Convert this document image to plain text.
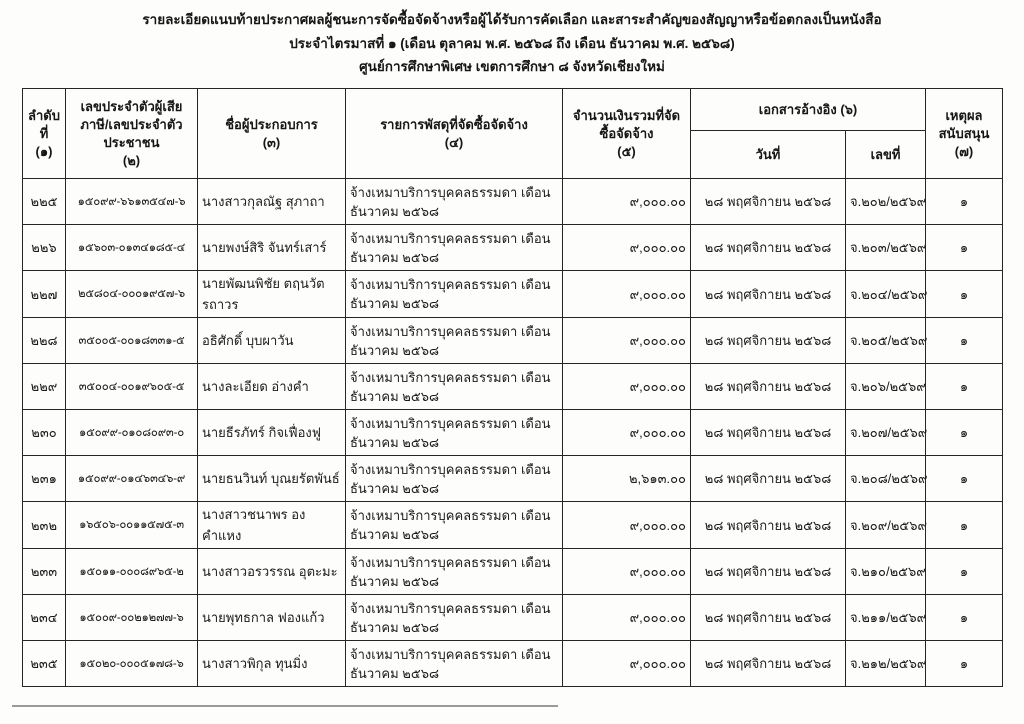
รายละเอียดแนบท้ายประกาศผลผู้ชนะการจัดซื้อจัดจ้างหรือผู้ได้รับการคัดเลือก และสาระสำคัญของสัญญาหรือข้อตกลงเป็นหนังสือ
ประจำไตรมาสที่ ๑ (เดือน ตุลาคม พ.ศ. ๒๕๖๘ ถึง เดือน ธันวาคม พ.ศ. ๒๕๖๘)
ศูนย์การศึกษาพิเศษ เขตการศึกษา ๘ จังหวัดเชียงใหม่
ลำดับที่
(๑)	เลขประจำตัวผู้เสียภาษี/เลขประจำตัวประชาชน
(๒)	ชื่อผู้ประกอบการ
(๓)	รายการพัสดุที่จัดซื้อจัดจ้าง
(๔)	จำนวนเงินรวมที่จัดซื้อจัดจ้าง
(๕)	เอกสารอ้างอิง (๖)		เหตุผลสนับสนุน
(๗)

					วันที่	เลขที่	
๒๒๕	๑๕๐๙๙-๖๖๑๓๕๔๗-๖	นางสาวกุลณัฐ สุภาถา	จ้างเหมาบริการบุคคลธรรมดา เดือนธันวาคม ๒๕๖๘	๙,๐๐๐.๐๐	๒๘ พฤศจิกายน ๒๕๖๘	จ.๒๐๒/๒๕๖๙	๑
๒๒๖	๑๕๖๐๓-๐๑๓๔๑๘๕-๔	นายพงษ์สิริ จันทร์เสาร์	จ้างเหมาบริการบุคคลธรรมดา เดือนธันวาคม ๒๕๖๘	๙,๐๐๐.๐๐	๒๘ พฤศจิกายน ๒๕๖๘	จ.๒๐๓/๒๕๖๙	๑
๒๒๗	๒๕๘๐๔-๐๐๐๑๙๕๗-๖	นายพัฒนพิชัย ตฤนวัตรถาวร	จ้างเหมาบริการบุคคลธรรมดา เดือนธันวาคม ๒๕๖๘	๙,๐๐๐.๐๐	๒๘ พฤศจิกายน ๒๕๖๘	จ.๒๐๔/๒๕๖๙	๑
๒๒๘	๓๕๐๐๕-๐๐๑๘๓๓๑-๕	อธิศักดิ์ บุบผาวัน	จ้างเหมาบริการบุคคลธรรมดา เดือนธันวาคม ๒๕๖๘	๙,๐๐๐.๐๐	๒๘ พฤศจิกายน ๒๕๖๘	จ.๒๐๕/๒๕๖๙	๑
๒๒๙	๓๕๐๐๔-๐๐๑๙๖๐๕-๕	นางละเอียด อ่างคำ	จ้างเหมาบริการบุคคลธรรมดา เดือนธันวาคม ๒๕๖๘	๙,๐๐๐.๐๐	๒๘ พฤศจิกายน ๒๕๖๘	จ.๒๐๖/๒๕๖๙	๑
๒๓๐	๑๕๐๙๙-๐๑๐๘๐๙๓-๐	นายธีรภัทร์ กิจเฟื่องฟู	จ้างเหมาบริการบุคคลธรรมดา เดือนธันวาคม ๒๕๖๘	๙,๐๐๐.๐๐	๒๘ พฤศจิกายน ๒๕๖๘	จ.๒๐๗/๒๕๖๙	๑
๒๓๑	๑๕๐๙๙-๐๑๔๖๓๔๖-๙	นายธนวินท์ บุณยรัตพันธ์	จ้างเหมาบริการบุคคลธรรมดา เดือนธันวาคม ๒๕๖๘	๒,๖๑๓.๐๐	๒๘ พฤศจิกายน ๒๕๖๘	จ.๒๐๘/๒๕๖๙	๑
๒๓๒	๑๖๕๐๖-๐๐๑๑๕๗๕-๓	นางสาวชนาพร องคำแหง	จ้างเหมาบริการบุคคลธรรมดา เดือนธันวาคม ๒๕๖๘	๙,๐๐๐.๐๐	๒๘ พฤศจิกายน ๒๕๖๘	จ.๒๐๙/๒๕๖๙	๑
๒๓๓	๑๕๐๑๑-๐๐๐๘๙๖๕-๒	นางสาวอรวรรณ อุตะมะ	จ้างเหมาบริการบุคคลธรรมดา เดือนธันวาคม ๒๕๖๘	๙,๐๐๐.๐๐	๒๘ พฤศจิกายน ๒๕๖๘	จ.๒๑๐/๒๕๖๙	๑
๒๓๔	๑๕๐๐๙-๐๐๒๑๒๗๗-๖	นายพุทธกาล ฟองแก้ว	จ้างเหมาบริการบุคคลธรรมดา เดือนธันวาคม ๒๕๖๘	๙,๐๐๐.๐๐	๒๘ พฤศจิกายน ๒๕๖๘	จ.๒๑๑/๒๕๖๙	๑
๒๓๕	๑๕๐๒๐-๐๐๐๕๑๗๘-๖	นางสาวพิกุล ทุนมิ่ง	จ้างเหมาบริการบุคคลธรรมดา เดือนธันวาคม ๒๕๖๘	๙,๐๐๐.๐๐	๒๘ พฤศจิกายน ๒๕๖๘	จ.๒๑๒/๒๕๖๙	๑
